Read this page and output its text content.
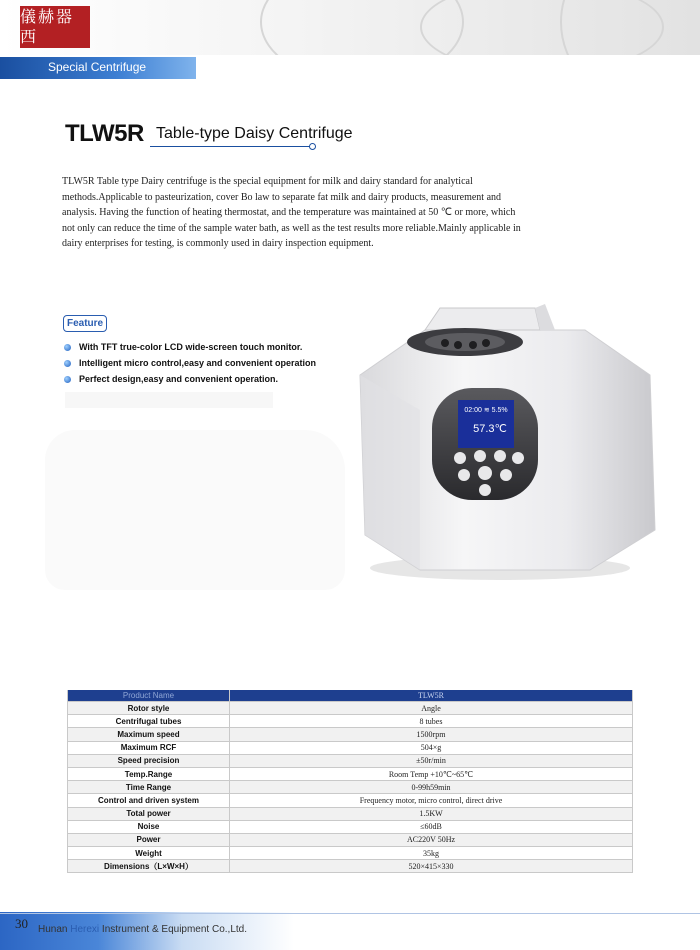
儀赫器西
Special Centrifuge
TLW5R Table-type Daisy Centrifuge

TLW5R Table type Dairy centrifuge is the special equipment for milk and dairy standard for analytical methods.Applicable to pasteurization, cover Bo law to separate fat milk and dairy products, measurement and analysis. Having the function of heating thermostat, and the temperature was maintained at 50 ℃ or more, which not only can reduce the time of the sample water bath, as well as the test results more reliable.Mainly applicable in dairy enterprises for testing, is commonly used in dairy inspection equipment.

Feature
With TFT true-color LCD wide-screen touch monitor.
Intelligent micro control,easy and convenient operation
Perfect design,easy and convenient operation.
02:00 ≋ 5.5%
57.3℃
Product Name	TLW5R
Rotor style	Angle
Centrifugal tubes	8 tubes
Maximum speed	1500rpm
Maximum RCF	504×g
Speed precision	±50r/min
Temp.Range	Room Temp +10℃~65℃
Time Range	0-99h59min
Control and driven system	Frequency motor, micro control, direct drive
Total power	1.5KW
Noise	≤60dB
Power	AC220V 50Hz
Weight	35kg
Dimensions（L×W×H）	520×415×330
30 Hunan Herexi Instrument & Equipment Co.,Ltd.
